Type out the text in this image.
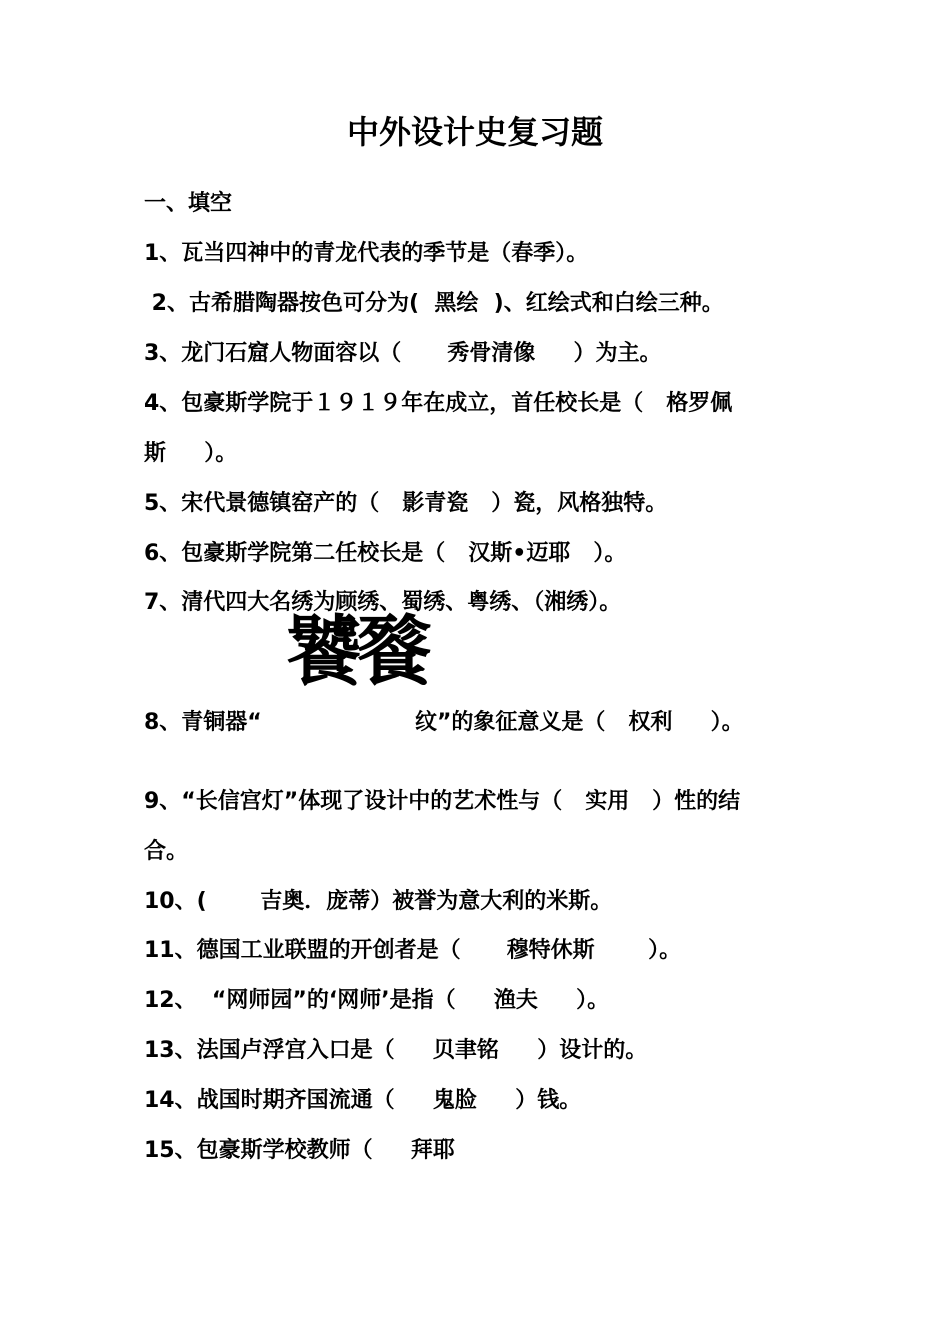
中外设计史复习题
一、填空
1、瓦当四神中的青龙代表的季节是（春季）。
2、古希腊陶器按色可分为(  黑绘  )、红绘式和白绘三种。
3、龙门石窟人物面容以（      秀骨清像     ）为主。
4、包豪斯学院于１９１９年在成立，首任校长是（   格罗佩
斯     ）。
5、宋代景德镇窑产的（   影青瓷   ）瓷，风格独特。
6、包豪斯学院第二任校长是（   汉斯•迈耶   ）。
7、清代四大名绣为顾绣、蜀绣、粤绣、（湘绣）。
饕餮
8、青铜器“                    纹”的象征意义是（   权利     ）。
9、“长信宫灯”体现了设计中的艺术性与（   实用   ）性的结
合。
10、(       吉奥．庞蒂）被誉为意大利的米斯。
11、德国工业联盟的开创者是（      穆特休斯       ）。
12、  “网师园”的‘网师’是指（     渔夫     ）。
13、法国卢浮宫入口是（     贝聿铭     ）设计的。
14、战国时期齐国流通（     鬼脸     ）钱。
15、包豪斯学校教师（     拜耶
